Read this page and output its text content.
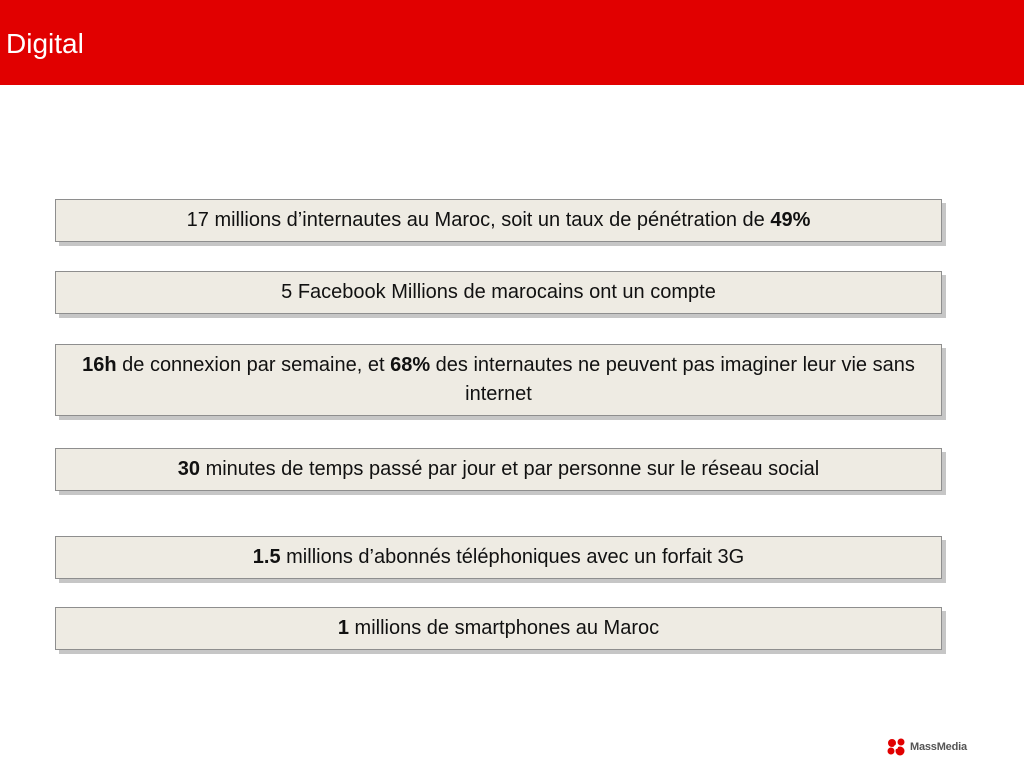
Digital
17 millions d’internautes au Maroc, soit un taux de pénétration de 49%
5 Facebook Millions de marocains ont un compte
16h de connexion par semaine, et 68% des internautes ne peuvent pas imaginer leur vie sans internet
30 minutes de temps passé par jour et par personne sur le réseau social
1.5 millions d’abonnés téléphoniques avec un forfait 3G
1 millions de smartphones au Maroc
MassMedia
